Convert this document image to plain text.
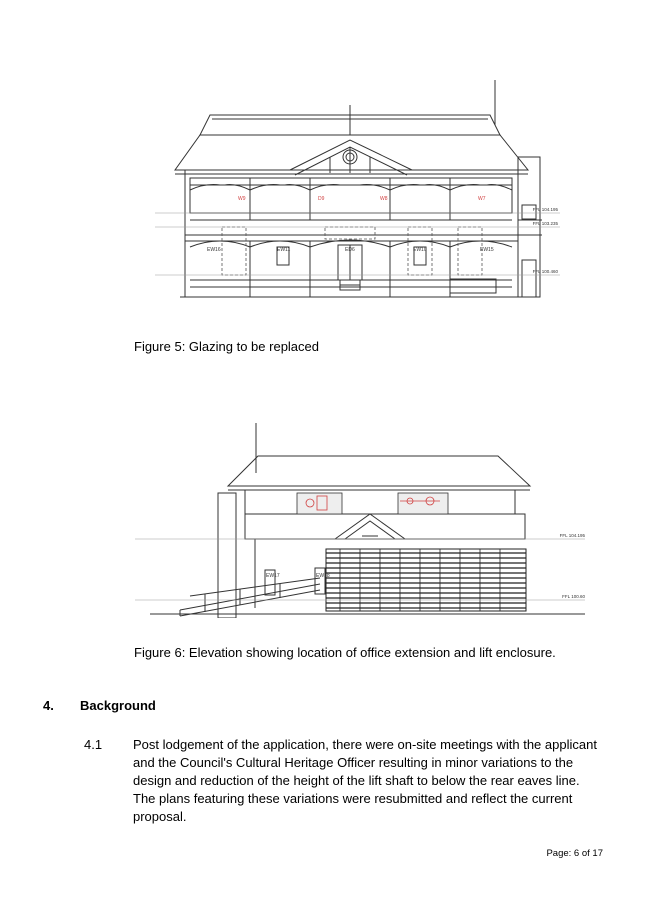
W9	D9	W8	W7
EW16	EW11	ED6	EW10	EW15
FFL 104.195
FFL 103.235
FFL 100.460
Figure 5: Glazing to be replaced
EW17	EW18
FFL 104.195
FFL 100.60
Figure 6: Elevation showing location of office extension and lift enclosure.
4. Background
4.1 Post lodgement of the application, there were on-site meetings with the applicant and the Council's Cultural Heritage Officer resulting in minor variations to the design and reduction of the height of the lift shaft to below the rear eaves line. The plans featuring these variations were resubmitted and reflect the current proposal.
Page: 6 of 17
